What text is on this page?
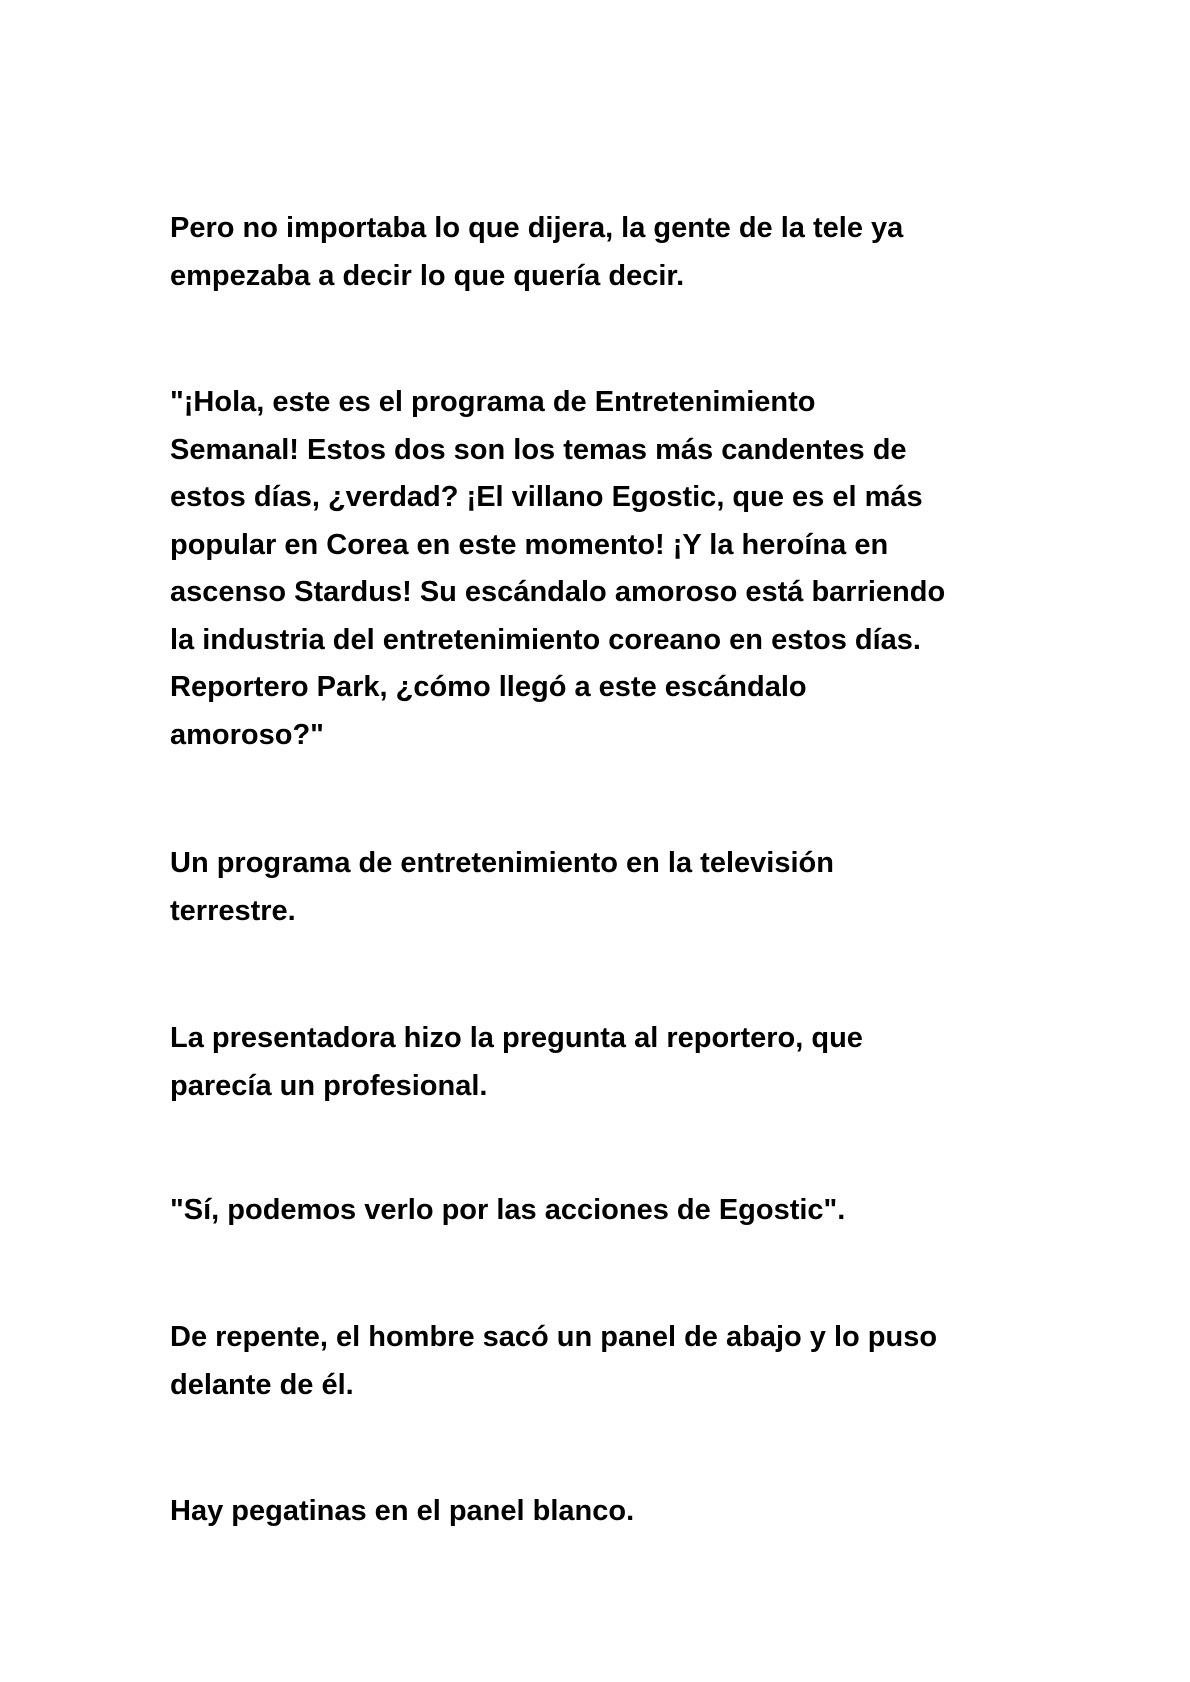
Pero no importaba lo que dijera, la gente de la tele ya
empezaba a decir lo que quería decir.

"¡Hola, este es el programa de Entretenimiento
Semanal! Estos dos son los temas más candentes de
estos días, ¿verdad? ¡El villano Egostic, que es el más
popular en Corea en este momento! ¡Y la heroína en
ascenso Stardus! Su escándalo amoroso está barriendo
la industria del entretenimiento coreano en estos días.
Reportero Park, ¿cómo llegó a este escándalo
amoroso?"

Un programa de entretenimiento en la televisión
terrestre.

La presentadora hizo la pregunta al reportero, que
parecía un profesional.

"Sí, podemos verlo por las acciones de Egostic".

De repente, el hombre sacó un panel de abajo y lo puso
delante de él.

Hay pegatinas en el panel blanco.
